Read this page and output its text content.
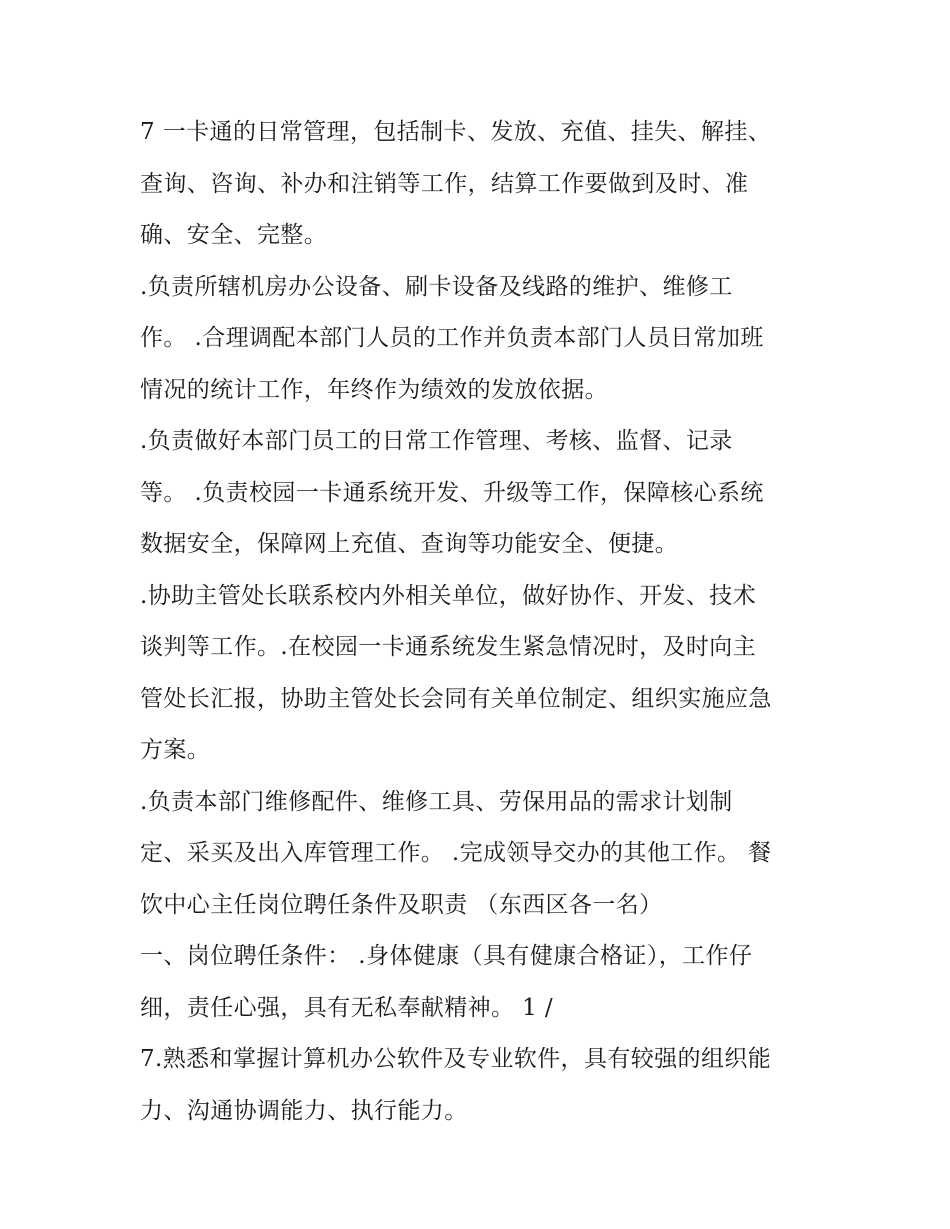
7 一卡通的日常管理，包括制卡、发放、充值、挂失、解挂、
查询、咨询、补办和注销等工作，结算工作要做到及时、准
确、安全、完整。
.负责所辖机房办公设备、刷卡设备及线路的维护、维修工
作。 .合理调配本部门人员的工作并负责本部门人员日常加班
情况的统计工作，年终作为绩效的发放依据。
.负责做好本部门员工的日常工作管理、考核、监督、记录
等。 .负责校园一卡通系统开发、升级等工作，保障核心系统
数据安全，保障网上充值、查询等功能安全、便捷。
.协助主管处长联系校内外相关单位，做好协作、开发、技术
谈判等工作。.在校园一卡通系统发生紧急情况时，及时向主
管处长汇报，协助主管处长会同有关单位制定、组织实施应急
方案。
.负责本部门维修配件、维修工具、劳保用品的需求计划制
定、采买及出入库管理工作。 .完成领导交办的其他工作。 餐
饮中心主任岗位聘任条件及职责 （东西区各一名）
一、岗位聘任条件： .身体健康（具有健康合格证），工作仔
细，责任心强，具有无私奉献精神。 1 /
7.熟悉和掌握计算机办公软件及专业软件，具有较强的组织能
力、沟通协调能力、执行能力。
